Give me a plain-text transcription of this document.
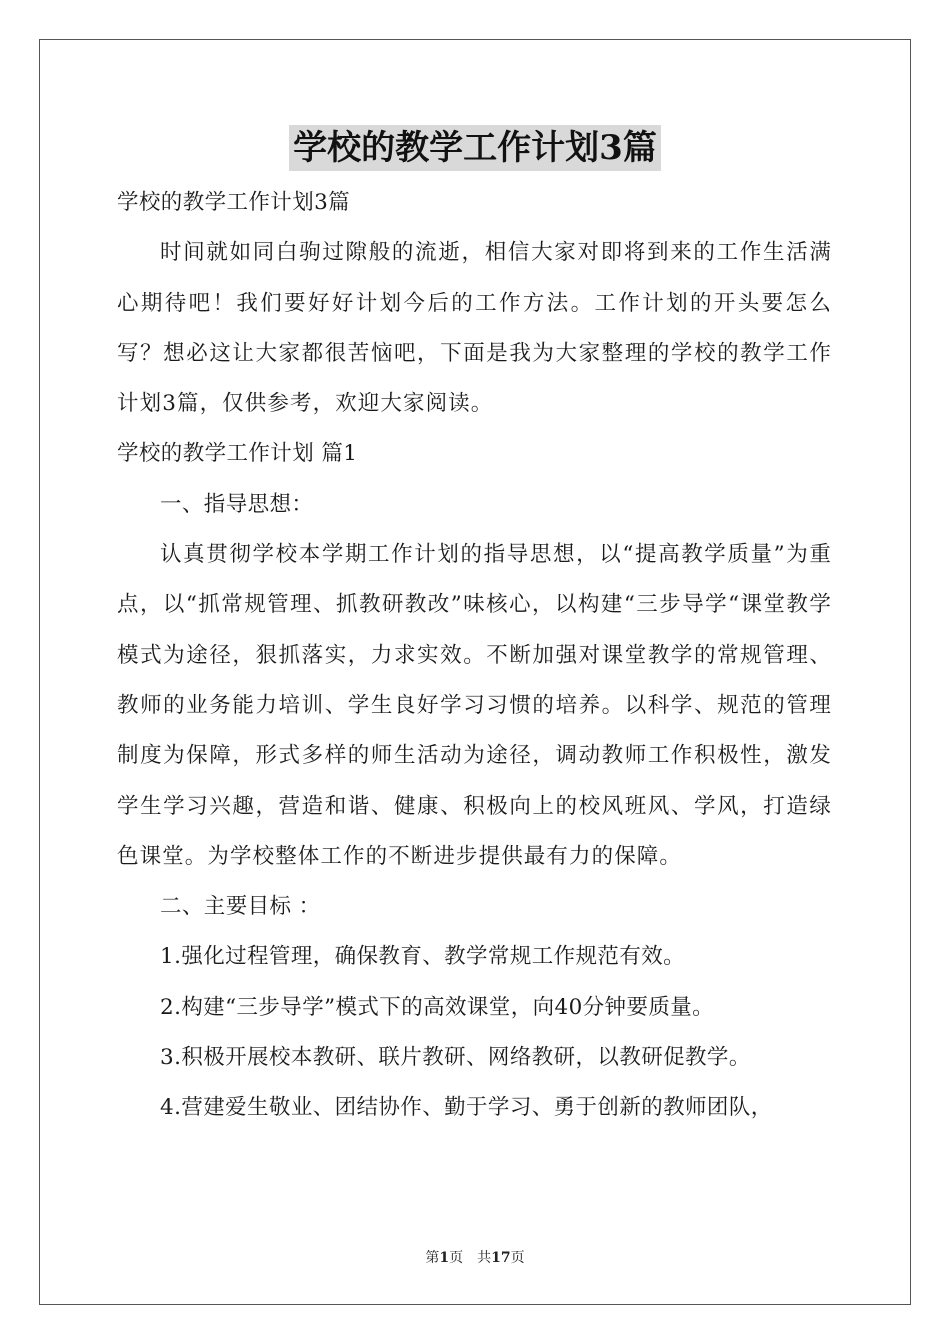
学校的教学工作计划3篇

学校的教学工作计划3篇

时间就如同白驹过隙般的流逝，相信大家对即将到来的工作生活满心期待吧！我们要好好计划今后的工作方法。工作计划的开头要怎么写？想必这让大家都很苦恼吧，下面是我为大家整理的学校的教学工作计划3篇，仅供参考，欢迎大家阅读。

学校的教学工作计划 篇1

一、指导思想：

认真贯彻学校本学期工作计划的指导思想，以“提高教学质量”为重点，以“抓常规管理、抓教研教改”味核心，以构建“三步导学“课堂教学模式为途径，狠抓落实，力求实效。不断加强对课堂教学的常规管理、教师的业务能力培训、学生良好学习习惯的培养。以科学、规范的管理制度为保障，形式多样的师生活动为途径，调动教师工作积极性，激发学生学习兴趣，营造和谐、健康、积极向上的校风班风、学风，打造绿色课堂。为学校整体工作的不断进步提供最有力的保障。

二、主要目标 ：

1.强化过程管理，确保教育、教学常规工作规范有效。

2.构建“三步导学”模式下的高效课堂，向40分钟要质量。

3.积极开展校本教研、联片教研、网络教研，以教研促教学。

4.营建爱生敬业、团结协作、勤于学习、勇于创新的教师团队，

第1页　共17页
